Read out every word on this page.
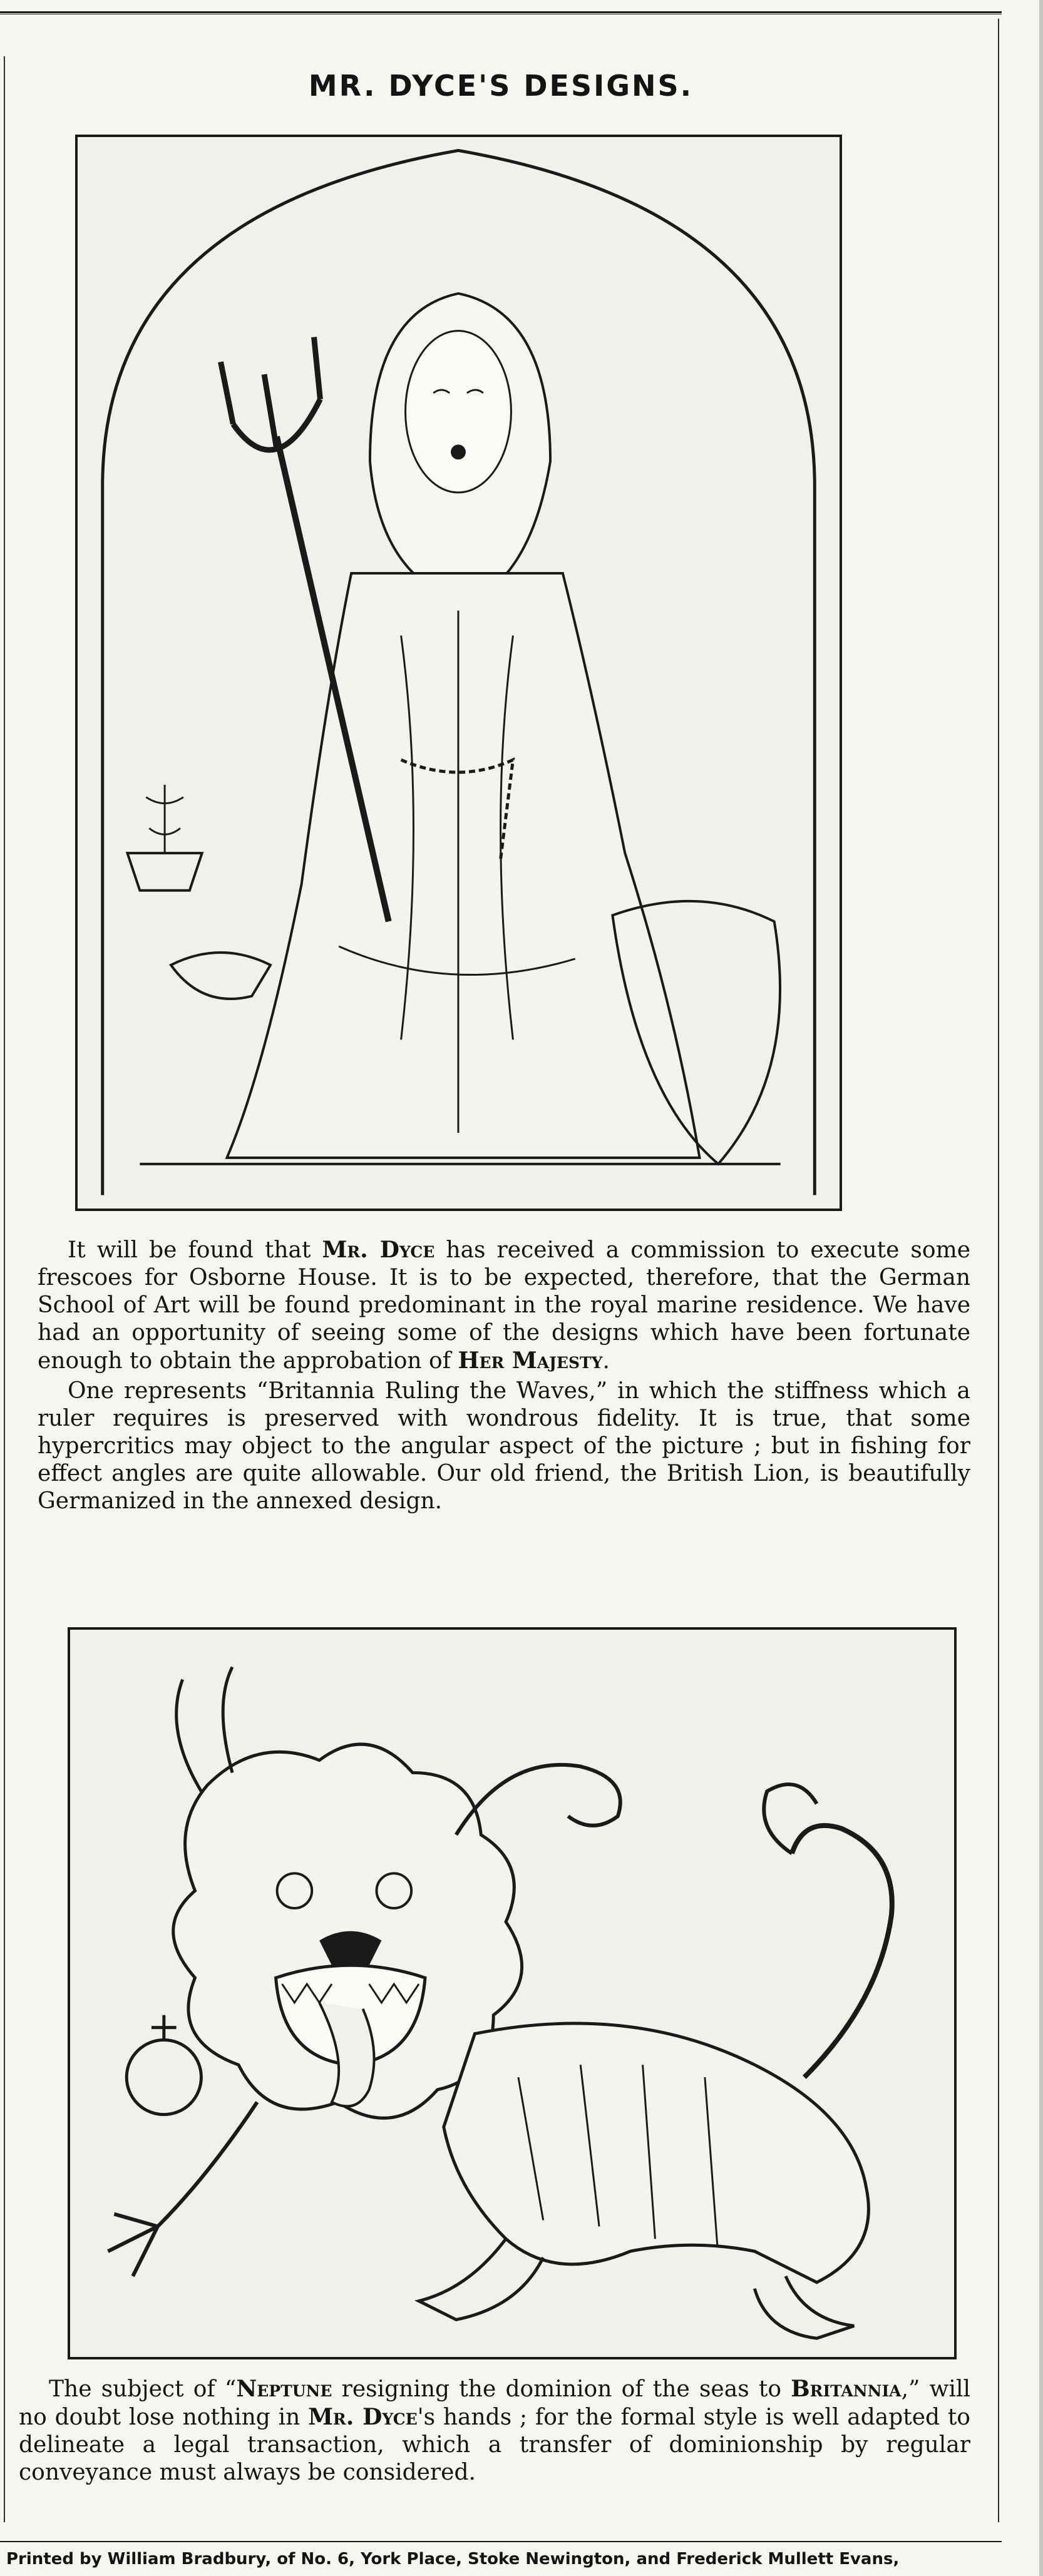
MR. DYCE'S DESIGNS.

It will be found that Mr. Dyce has received a commission to execute some frescoes for Osborne House. It is to be expected, therefore, that the German School of Art will be found predominant in the royal marine residence. We have had an opportunity of seeing some of the designs which have been fortunate enough to obtain the approbation of Her Majesty.

One represents “Britannia Ruling the Waves,” in which the stiffness which a ruler requires is preserved with wondrous fidelity. It is true, that some hypercritics may object to the angular aspect of the picture ; but in fishing for effect angles are quite allowable. Our old friend, the British Lion, is beautifully Germanized in the annexed design.

The subject of “Neptune resigning the dominion of the seas to Britannia,” will no doubt lose nothing in Mr. Dyce's hands ; for the formal style is well adapted to delineate a legal transaction, which a transfer of dominionship by regular conveyance must always be considered.

Printed by William Bradbury, of No. 6, York Place, Stoke Newington, and Frederick Mullett Evans,
